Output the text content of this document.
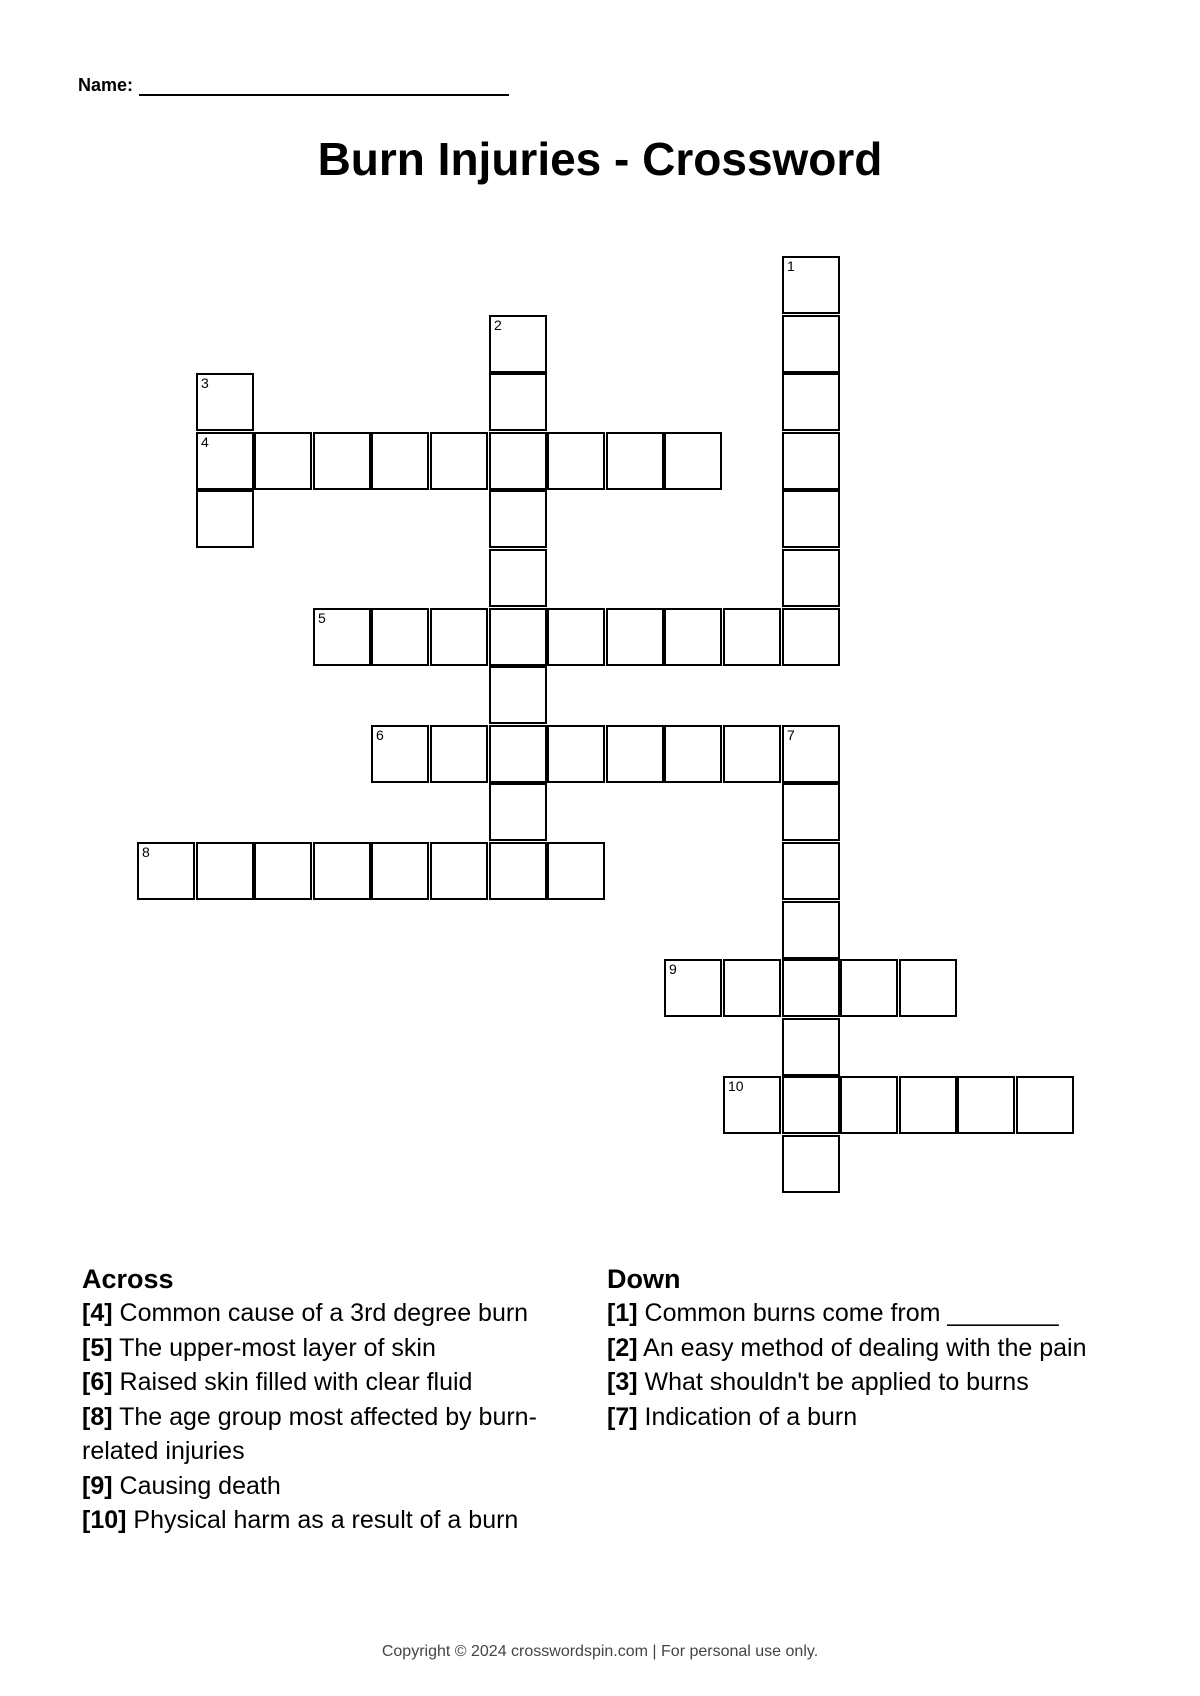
Name:
Burn Injuries - Crossword
1
2
3
4
5
6	7
8
9
10
Across

[4] Common cause of a 3rd degree burn

[5] The upper-most layer of skin

[6] Raised skin filled with clear fluid

[8] The age group most affected by burn-related injuries

[9] Causing death

[10] Physical harm as a result of a burn

Down

[1] Common burns come from ________

[2] An easy method of dealing with the pain

[3] What shouldn't be applied to burns

[7] Indication of a burn

Copyright © 2024 crosswordspin.com | For personal use only.
